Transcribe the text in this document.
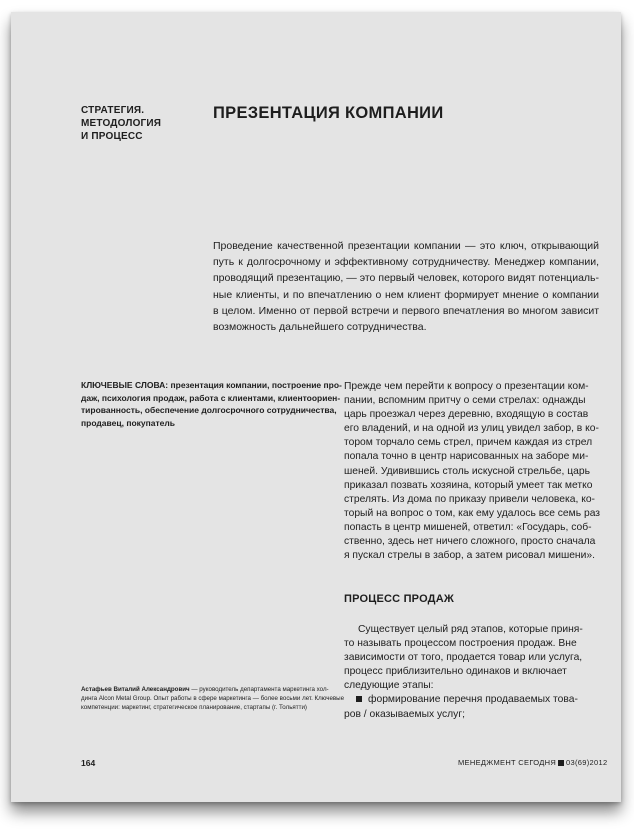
СТРАТЕГИЯ.
МЕТОДОЛОГИЯ
И ПРОЦЕСС
ПРЕЗЕНТАЦИЯ КОМПАНИИ
Проведение качественной презентации компании — это ключ, открывающий
путь к долгосрочному и эффективному сотрудничеству. Менеджер компании,
проводящий презентацию, — это первый человек, которого видят потенциаль-
ные клиенты, и по впечатлению о нем клиент формирует мнение о компании
в целом. Именно от первой встречи и первого впечатления во многом зависит
возможность дальнейшего сотрудничества.
КЛЮЧЕВЫЕ СЛОВА: презентация компании, построение про-
даж, психология продаж, работа с клиентами, клиентоориен-
тированность, обеспечение долгосрочного сотрудничества,
продавец, покупатель
Прежде чем перейти к вопросу о презентации ком-
пании, вспомним притчу о семи стрелах: однажды
царь проезжал через деревню, входящую в состав
его владений, и на одной из улиц увидел забор, в ко-
тором торчало семь стрел, причем каждая из стрел
попала точно в центр нарисованных на заборе ми-
шеней. Удивившись столь искусной стрельбе, царь
приказал позвать хозяина, который умеет так метко
стрелять. Из дома по приказу привели человека, ко-
торый на вопрос о том, как ему удалось все семь раз
попасть в центр мишеней, ответил: «Государь, соб-
ственно, здесь нет ничего сложного, просто сначала
я пускал стрелы в забор, а затем рисовал мишени».
ПРОЦЕСС ПРОДАЖ
Существует целый ряд этапов, которые приня-
то называть процессом построения продаж. Вне
зависимости от того, продается товар или услуга,
процесс приблизительно одинаков и включает
следующие этапы:
формирование перечня продаваемых това-
ров / оказываемых услуг;
Астафьев Виталий Александрович — руководитель департамента маркетинга хол-
динга Alcon Metal Group. Опыт работы в сфере маркетинга — более восьми лет. Ключевые
компетенции: маркетинг, стратегическое планирование, стартапы (г. Тольятти)
164	МЕНЕДЖМЕНТ СЕГОДНЯ 03(69)2012
